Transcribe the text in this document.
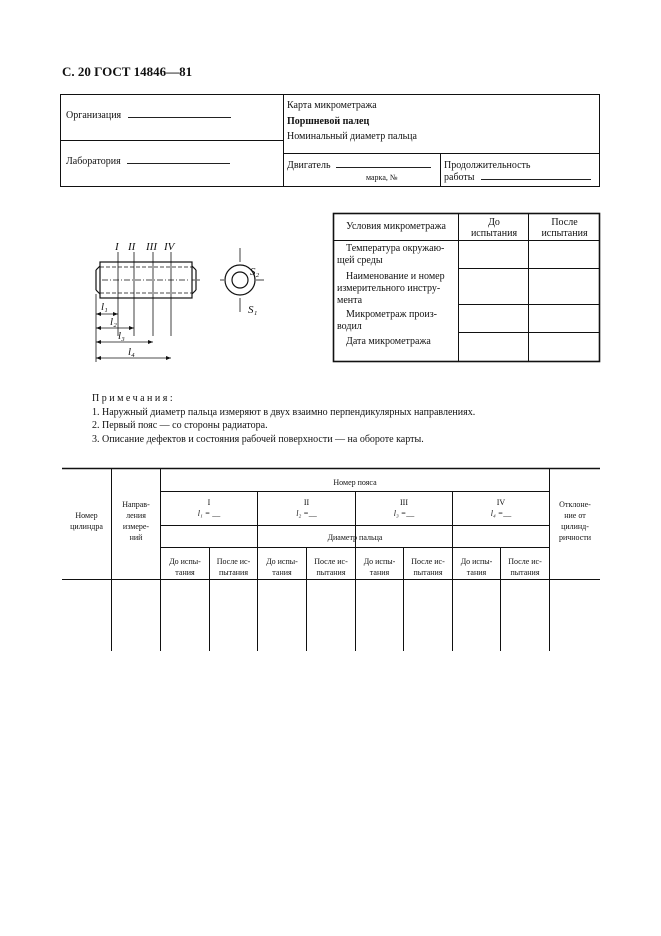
С. 20 ГОСТ 14846—81
Организация
Лаборатория
Карта микрометража
Поршневой палец
Номинальный диаметр пальца
Двигатель
марка, №
Продолжительность
работы
I II III IV
l₁
l₂
l₃
l₄
S₂
S₁
Условия микрометража	До
испытания
После
испытания
Температура окружаю-
щей среды
Наименование и номер
измерительного инстру-
мента
Микрометраж произ-
водил
Дата микрометража
Примечания:
1. Наружный диаметр пальца измеряют в двух взаимно перпендикулярных направлениях.
2. Первый пояс — со стороны радиатора.
3. Описание дефектов и состояния рабочей поверхности — на обороте карты.
Номер
цилиндра
Направ-
ления
измере-
ний
Номер пояса
I
l₁ = __
II
l₂ =__
III
l₃ =__
IV
l₄ =__
Диаметр пальца
До испы-
тания
После ис-
пытания
До испы-
тания
После ис-
пытания
До испы-
тания
После ис-
пытания
До испы-
тания
После ис-
пытания
Отклоне-
ние от
цилинд-
ричности
